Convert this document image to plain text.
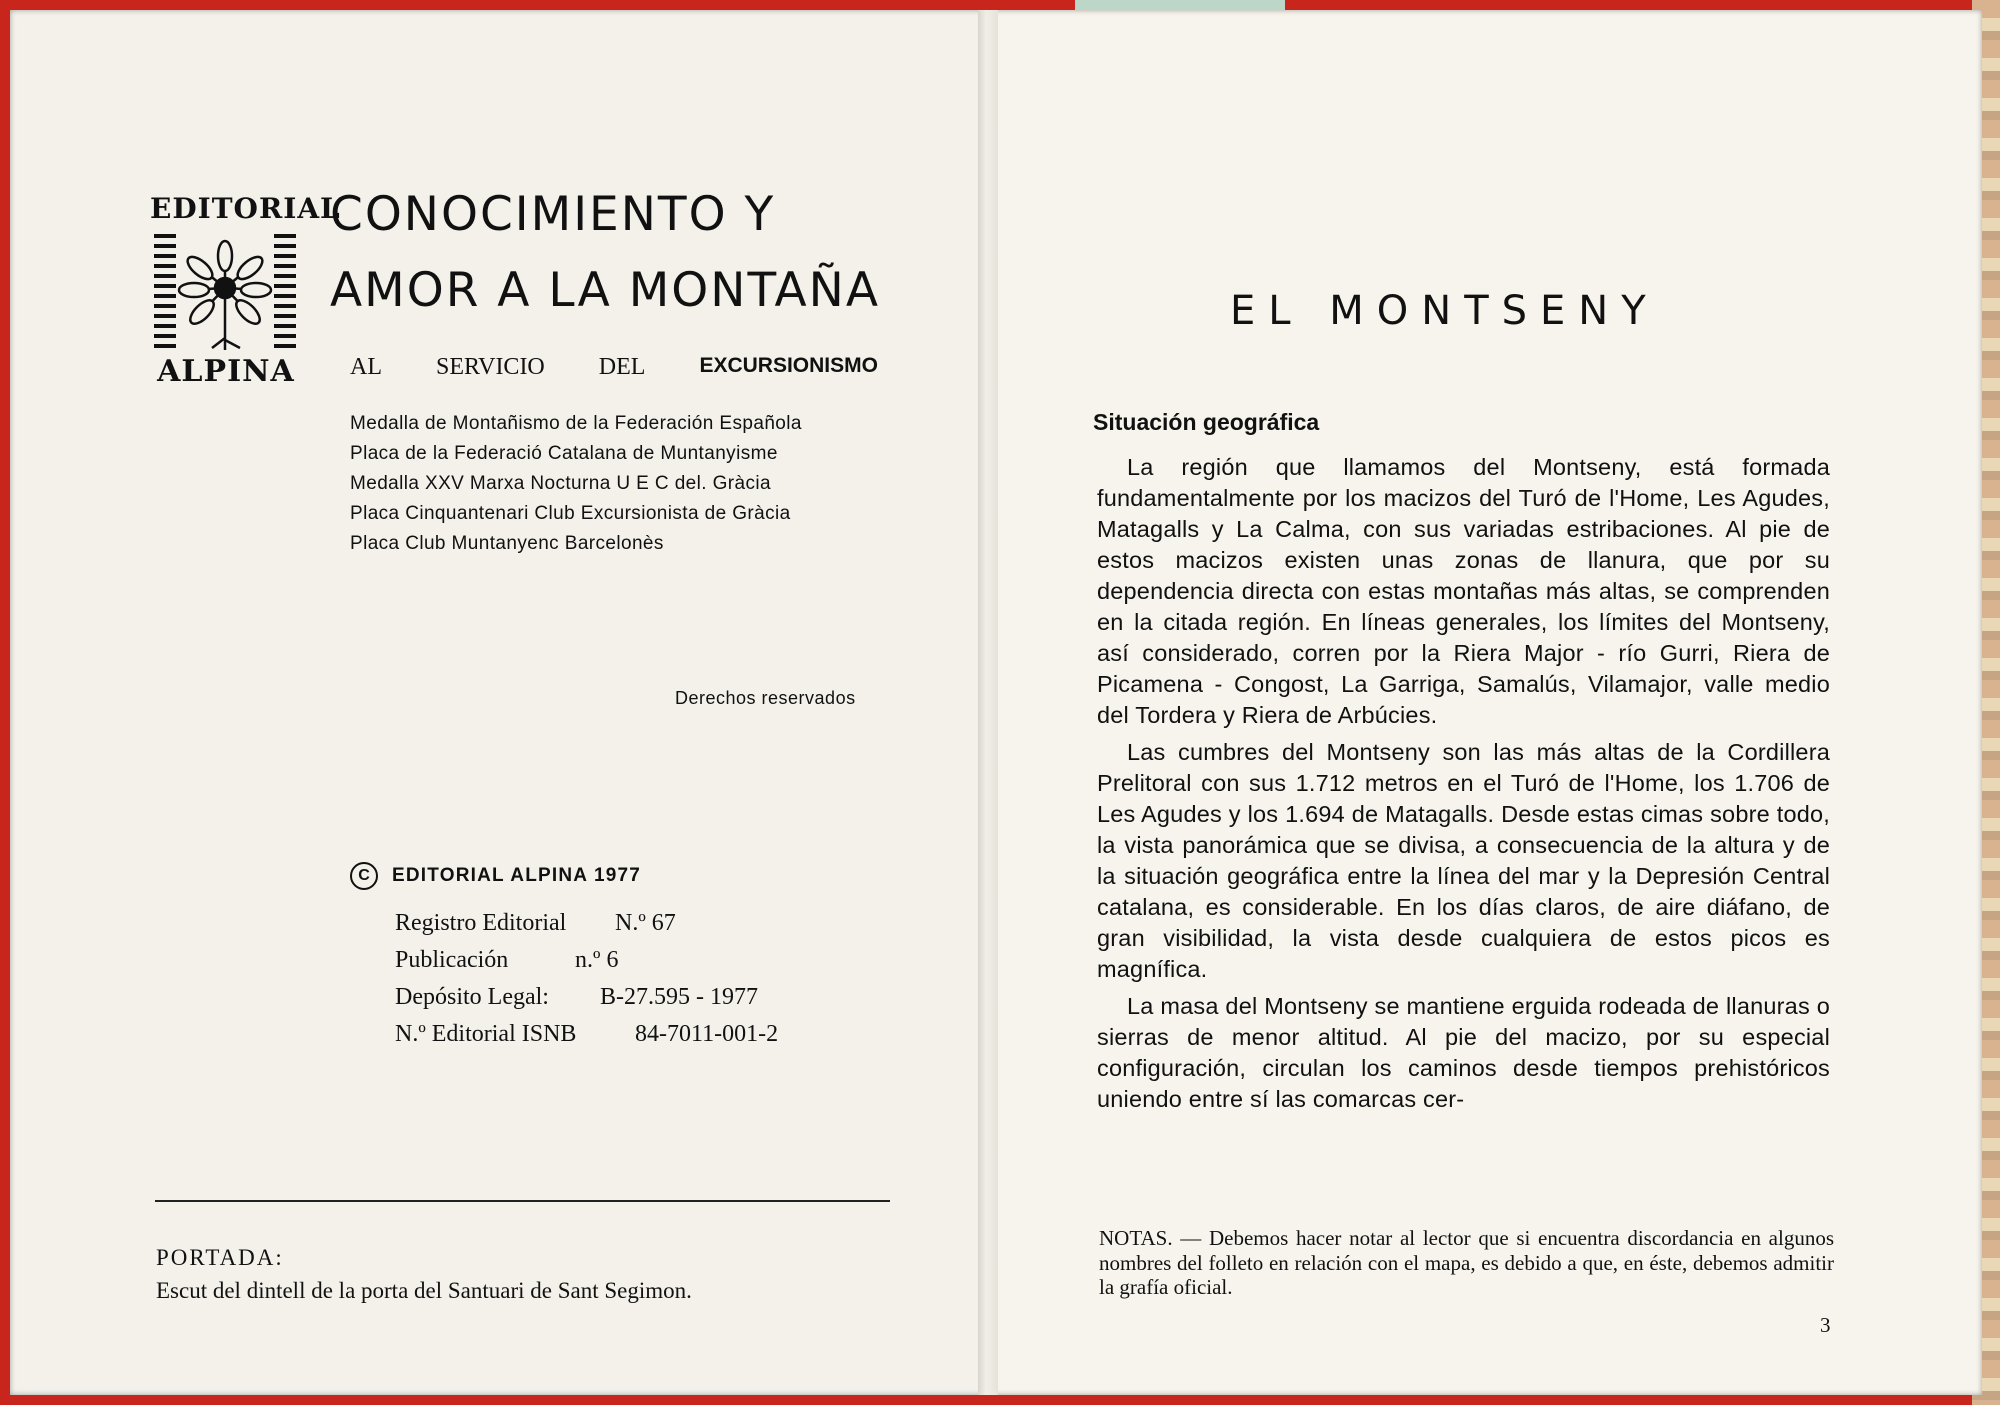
EDITORIAL
ALPINA
CONOCIMIENTO Y
AMOR A LA MONTAÑA
AL SERVICIO DEL	EXCURSIONISMO
Medalla de Montañismo de la Federación Española
Placa de la Federació Catalana de Muntanyisme
Medalla XXV Marxa Nocturna U E C del. Gràcia
Placa Cinquantenari Club Excursionista de Gràcia
Placa Club Muntanyenc Barcelonès
Derechos reservados
C	EDITORIAL ALPINA 1977
Registro Editorial	N.º 67
Publicación	n.º 6
Depósito Legal:	B-27.595 - 1977
N.º Editorial ISNB	84-7011-001-2
PORTADA:
Escut del dintell de la porta del Santuari de Sant Segimon.
EL MONTSENY
Situación geográfica

La región que llamamos del Montseny, está formada fundamentalmente por los macizos del Turó de l'Home, Les Agudes, Matagalls y La Calma, con sus variadas estribaciones. Al pie de estos macizos existen unas zonas de llanura, que por su dependencia directa con estas montañas más altas, se comprenden en la citada región. En líneas generales, los límites del Montseny, así considerado, corren por la Riera Major - río Gurri, Riera de Picamena - Congost, La Garriga, Samalús, Vilamajor, valle medio del Tordera y Riera de Arbúcies.

Las cumbres del Montseny son las más altas de la Cordillera Prelitoral con sus 1.712 metros en el Turó de l'Home, los 1.706 de Les Agudes y los 1.694 de Matagalls. Desde estas cimas sobre todo, la vista panorámica que se divisa, a consecuencia de la altura y de la situación geográfica entre la línea del mar y la Depresión Central catalana, es considerable. En los días claros, de aire diáfano, de gran visibilidad, la vista desde cualquiera de estos picos es magnífica.

La masa del Montseny se mantiene erguida rodeada de llanuras o sierras de menor altitud. Al pie del macizo, por su especial configuración, circulan los caminos desde tiempos prehistóricos uniendo entre sí las comarcas cer-

NOTAS. — Debemos hacer notar al lector que si encuentra discordancia en algunos nombres del folleto en relación con el mapa, es debido a que, en éste, debemos admitir la grafía oficial.
3
